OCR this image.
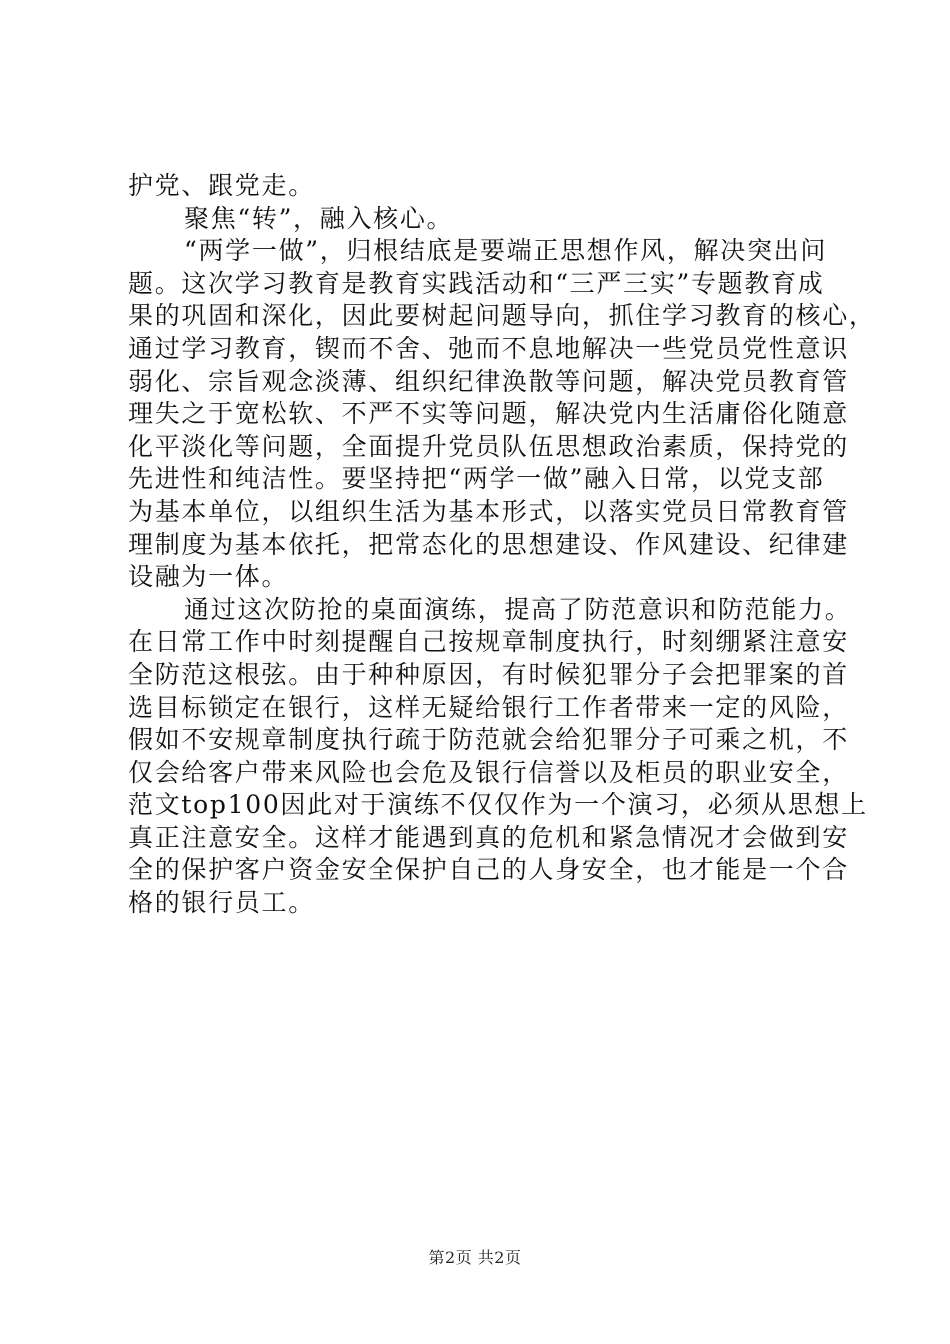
护党、跟党走。
聚焦“转”，融入核心。
“两学一做”，归根结底是要端正思想作风，解决突出问
题。这次学习教育是教育实践活动和“三严三实”专题教育成
果的巩固和深化，因此要树起问题导向，抓住学习教育的核心，
通过学习教育，锲而不舍、弛而不息地解决一些党员党性意识
弱化、宗旨观念淡薄、组织纪律涣散等问题，解决党员教育管
理失之于宽松软、不严不实等问题，解决党内生活庸俗化随意
化平淡化等问题，全面提升党员队伍思想政治素质，保持党的
先进性和纯洁性。要坚持把“两学一做”融入日常，以党支部
为基本单位，以组织生活为基本形式，以落实党员日常教育管
理制度为基本依托，把常态化的思想建设、作风建设、纪律建
设融为一体。
通过这次防抢的桌面演练，提高了防范意识和防范能力。
在日常工作中时刻提醒自己按规章制度执行，时刻绷紧注意安
全防范这根弦。由于种种原因，有时候犯罪分子会把罪案的首
选目标锁定在银行，这样无疑给银行工作者带来一定的风险，
假如不安规章制度执行疏于防范就会给犯罪分子可乘之机，不
仅会给客户带来风险也会危及银行信誉以及柜员的职业安全，
范文top100因此对于演练不仅仅作为一个演习，必须从思想上
真正注意安全。这样才能遇到真的危机和紧急情况才会做到安
全的保护客户资金安全保护自己的人身安全，也才能是一个合
格的银行员工。
第2页 共2页
